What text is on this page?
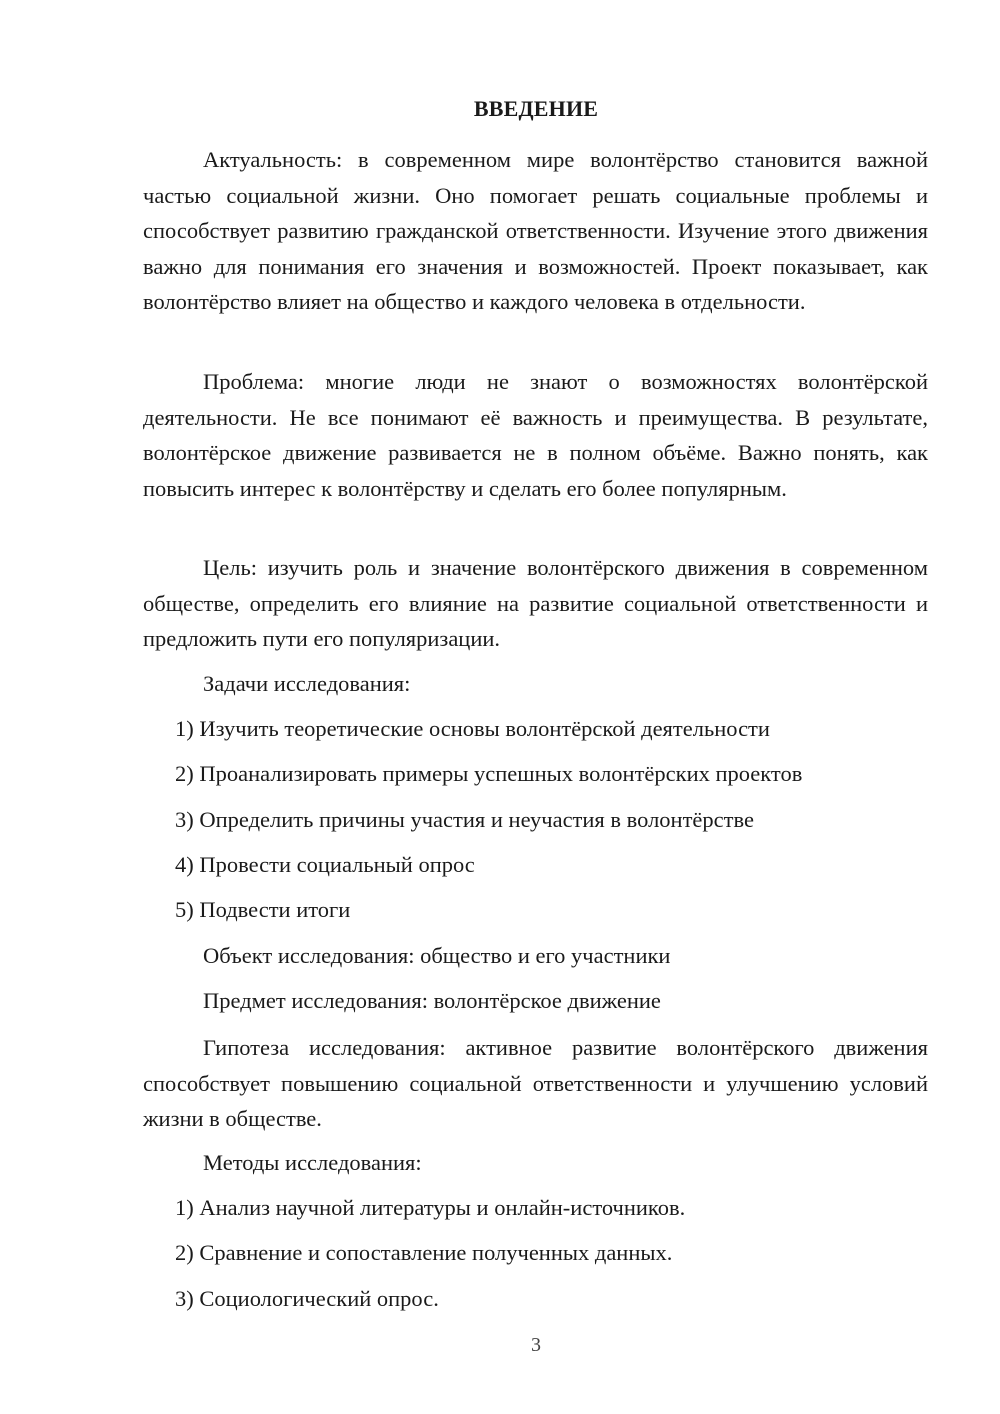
ВВЕДЕНИЕ

Актуальность: в современном мире волонтёрство становится важной частью социальной жизни. Оно помогает решать социальные проблемы и способствует развитию гражданской ответственности. Изучение этого движения важно для понимания его значения и возможностей. Проект показывает, как волонтёрство влияет на общество и каждого человека в отдельности.

Проблема: многие люди не знают о возможностях волонтёрской деятельности. Не все понимают её важность и преимущества. В результате, волонтёрское движение развивается не в полном объёме. Важно понять, как повысить интерес к волонтёрству и сделать его более популярным.

Цель: изучить роль и значение волонтёрского движения в современном обществе, определить его влияние на развитие социальной ответственности и предложить пути его популяризации.

Задачи исследования:

1) Изучить теоретические основы волонтёрской деятельности

2) Проанализировать примеры успешных волонтёрских проектов

3) Определить причины участия и неучастия в волонтёрстве

4) Провести социальный опрос

5) Подвести итоги

Объект исследования: общество и его участники

Предмет исследования: волонтёрское движение

Гипотеза исследования: активное развитие волонтёрского движения способствует повышению социальной ответственности и улучшению условий жизни в обществе.

Методы исследования:

1) Анализ научной литературы и онлайн-источников.

2) Сравнение и сопоставление полученных данных.

3) Социологический опрос.

3
